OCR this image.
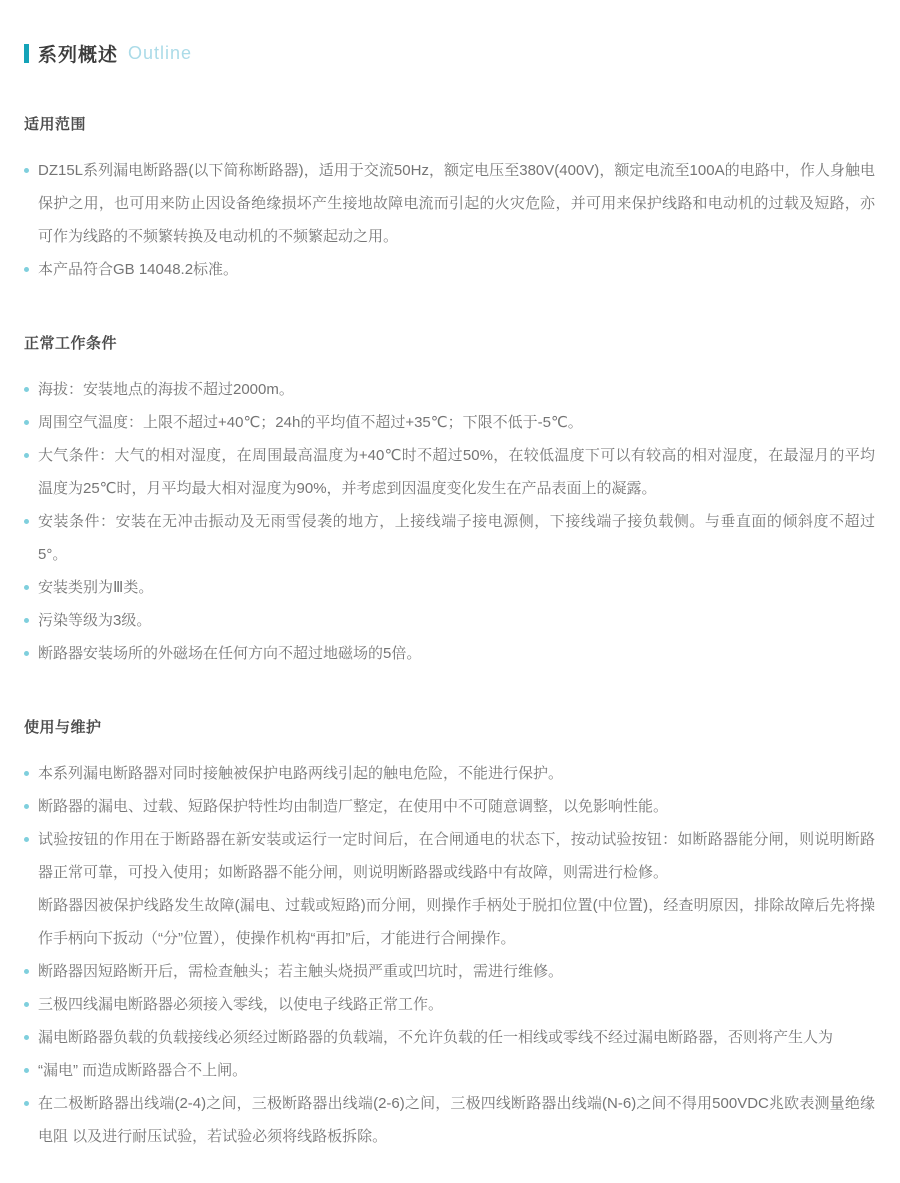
系列概述 Outline
适用范围
DZ15L系列漏电断路器(以下简称断路器)，适用于交流50Hz，额定电压至380V(400V)，额定电流至100A的电路中，作人身触电保护之用，也可用来防止因设备绝缘损坏产生接地故障电流而引起的火灾危险，并可用来保护线路和电动机的过载及短路，亦可作为线路的不频繁转换及电动机的不频繁起动之用。
本产品符合GB 14048.2标准。
正常工作条件
海拔：安装地点的海拔不超过2000m。
周围空气温度：上限不超过+40℃；24h的平均值不超过+35℃；下限不低于-5℃。
大气条件：大气的相对湿度，在周围最高温度为+40℃时不超过50%，在较低温度下可以有较高的相对湿度，在最湿月的平均温度为25℃时，月平均最大相对湿度为90%，并考虑到因温度变化发生在产品表面上的凝露。
安装条件：安装在无冲击振动及无雨雪侵袭的地方，上接线端子接电源侧，下接线端子接负载侧。与垂直面的倾斜度不超过5°。
安装类别为Ⅲ类。
污染等级为3级。
断路器安装场所的外磁场在任何方向不超过地磁场的5倍。
使用与维护
本系列漏电断路器对同时接触被保护电路两线引起的触电危险，不能进行保护。
断路器的漏电、过载、短路保护特性均由制造厂整定，在使用中不可随意调整，以免影响性能。
试验按钮的作用在于断路器在新安装或运行一定时间后，在合闸通电的状态下，按动试验按钮：如断路器能分闸，则说明断路器正常可靠，可投入使用；如断路器不能分闸，则说明断路器或线路中有故障，则需进行检修。
断路器因被保护线路发生故障(漏电、过载或短路)而分闸，则操作手柄处于脱扣位置(中位置)，经查明原因，排除故障后先将操作手柄向下扳动（“分”位置），使操作机构“再扣”后，才能进行合闸操作。
断路器因短路断开后，需检查触头；若主触头烧损严重或凹坑时，需进行维修。
三极四线漏电断路器必须接入零线，以使电子线路正常工作。
漏电断路器负载的负载接线必须经过断路器的负载端，不允许负载的任一相线或零线不经过漏电断路器，否则将产生人为
“漏电” 而造成断路器合不上闸。
在二极断路器出线端(2-4)之间，三极断路器出线端(2-6)之间，三极四线断路器出线端(N-6)之间不得用500VDC兆欧表测量绝缘电阻 以及进行耐压试验，若试验必须将线路板拆除。
